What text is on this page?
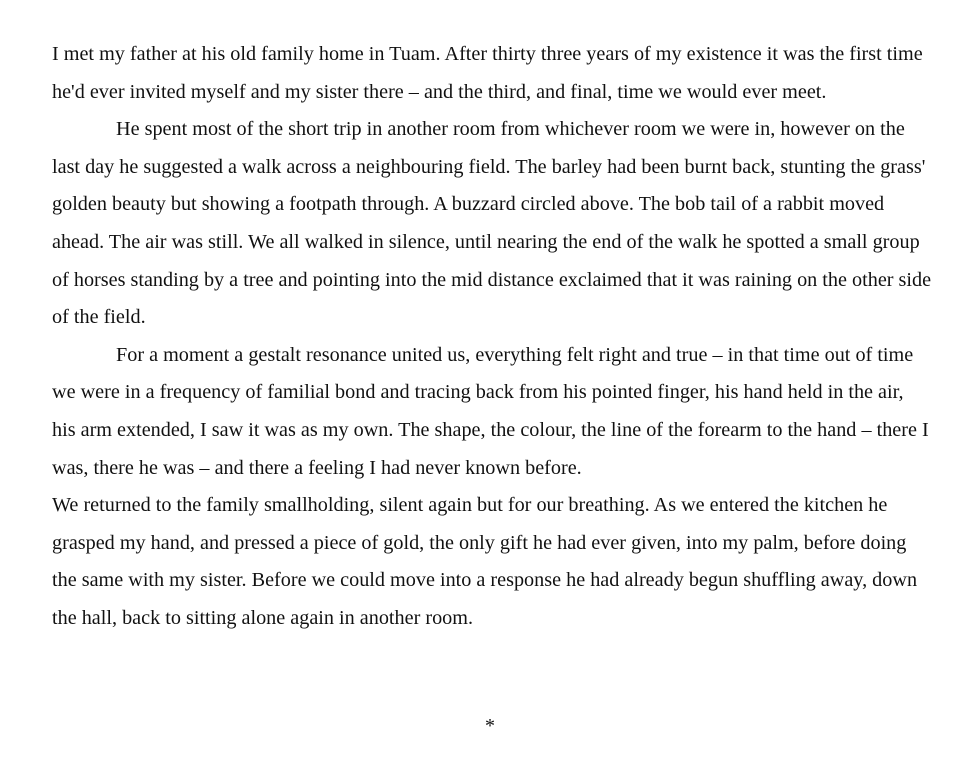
I met my father at his old family home in Tuam. After thirty three years of my existence it was the first time he'd ever invited myself and my sister there – and the third, and final, time we would ever meet.

He spent most of the short trip in another room from whichever room we were in, however on the last day he suggested a walk across a neighbouring field. The barley had been burnt back, stunting the grass' golden beauty but showing a footpath through. A buzzard circled above. The bob tail of a rabbit moved ahead. The air was still. We all walked in silence, until nearing the end of the walk he spotted a small group of horses standing by a tree and pointing into the mid distance exclaimed that it was raining on the other side of the field.

For a moment a gestalt resonance united us, everything felt right and true – in that time out of time we were in a frequency of familial bond and tracing back from his pointed finger, his hand held in the air, his arm extended, I saw it was as my own. The shape, the colour, the line of the forearm to the hand – there I was, there he was – and there a feeling I had never known before.

We returned to the family smallholding, silent again but for our breathing. As we entered the kitchen he grasped my hand, and pressed a piece of gold, the only gift he had ever given, into my palm, before doing the same with my sister. Before we could move into a response he had already begun shuffling away, down the hall, back to sitting alone again in another room.

*
